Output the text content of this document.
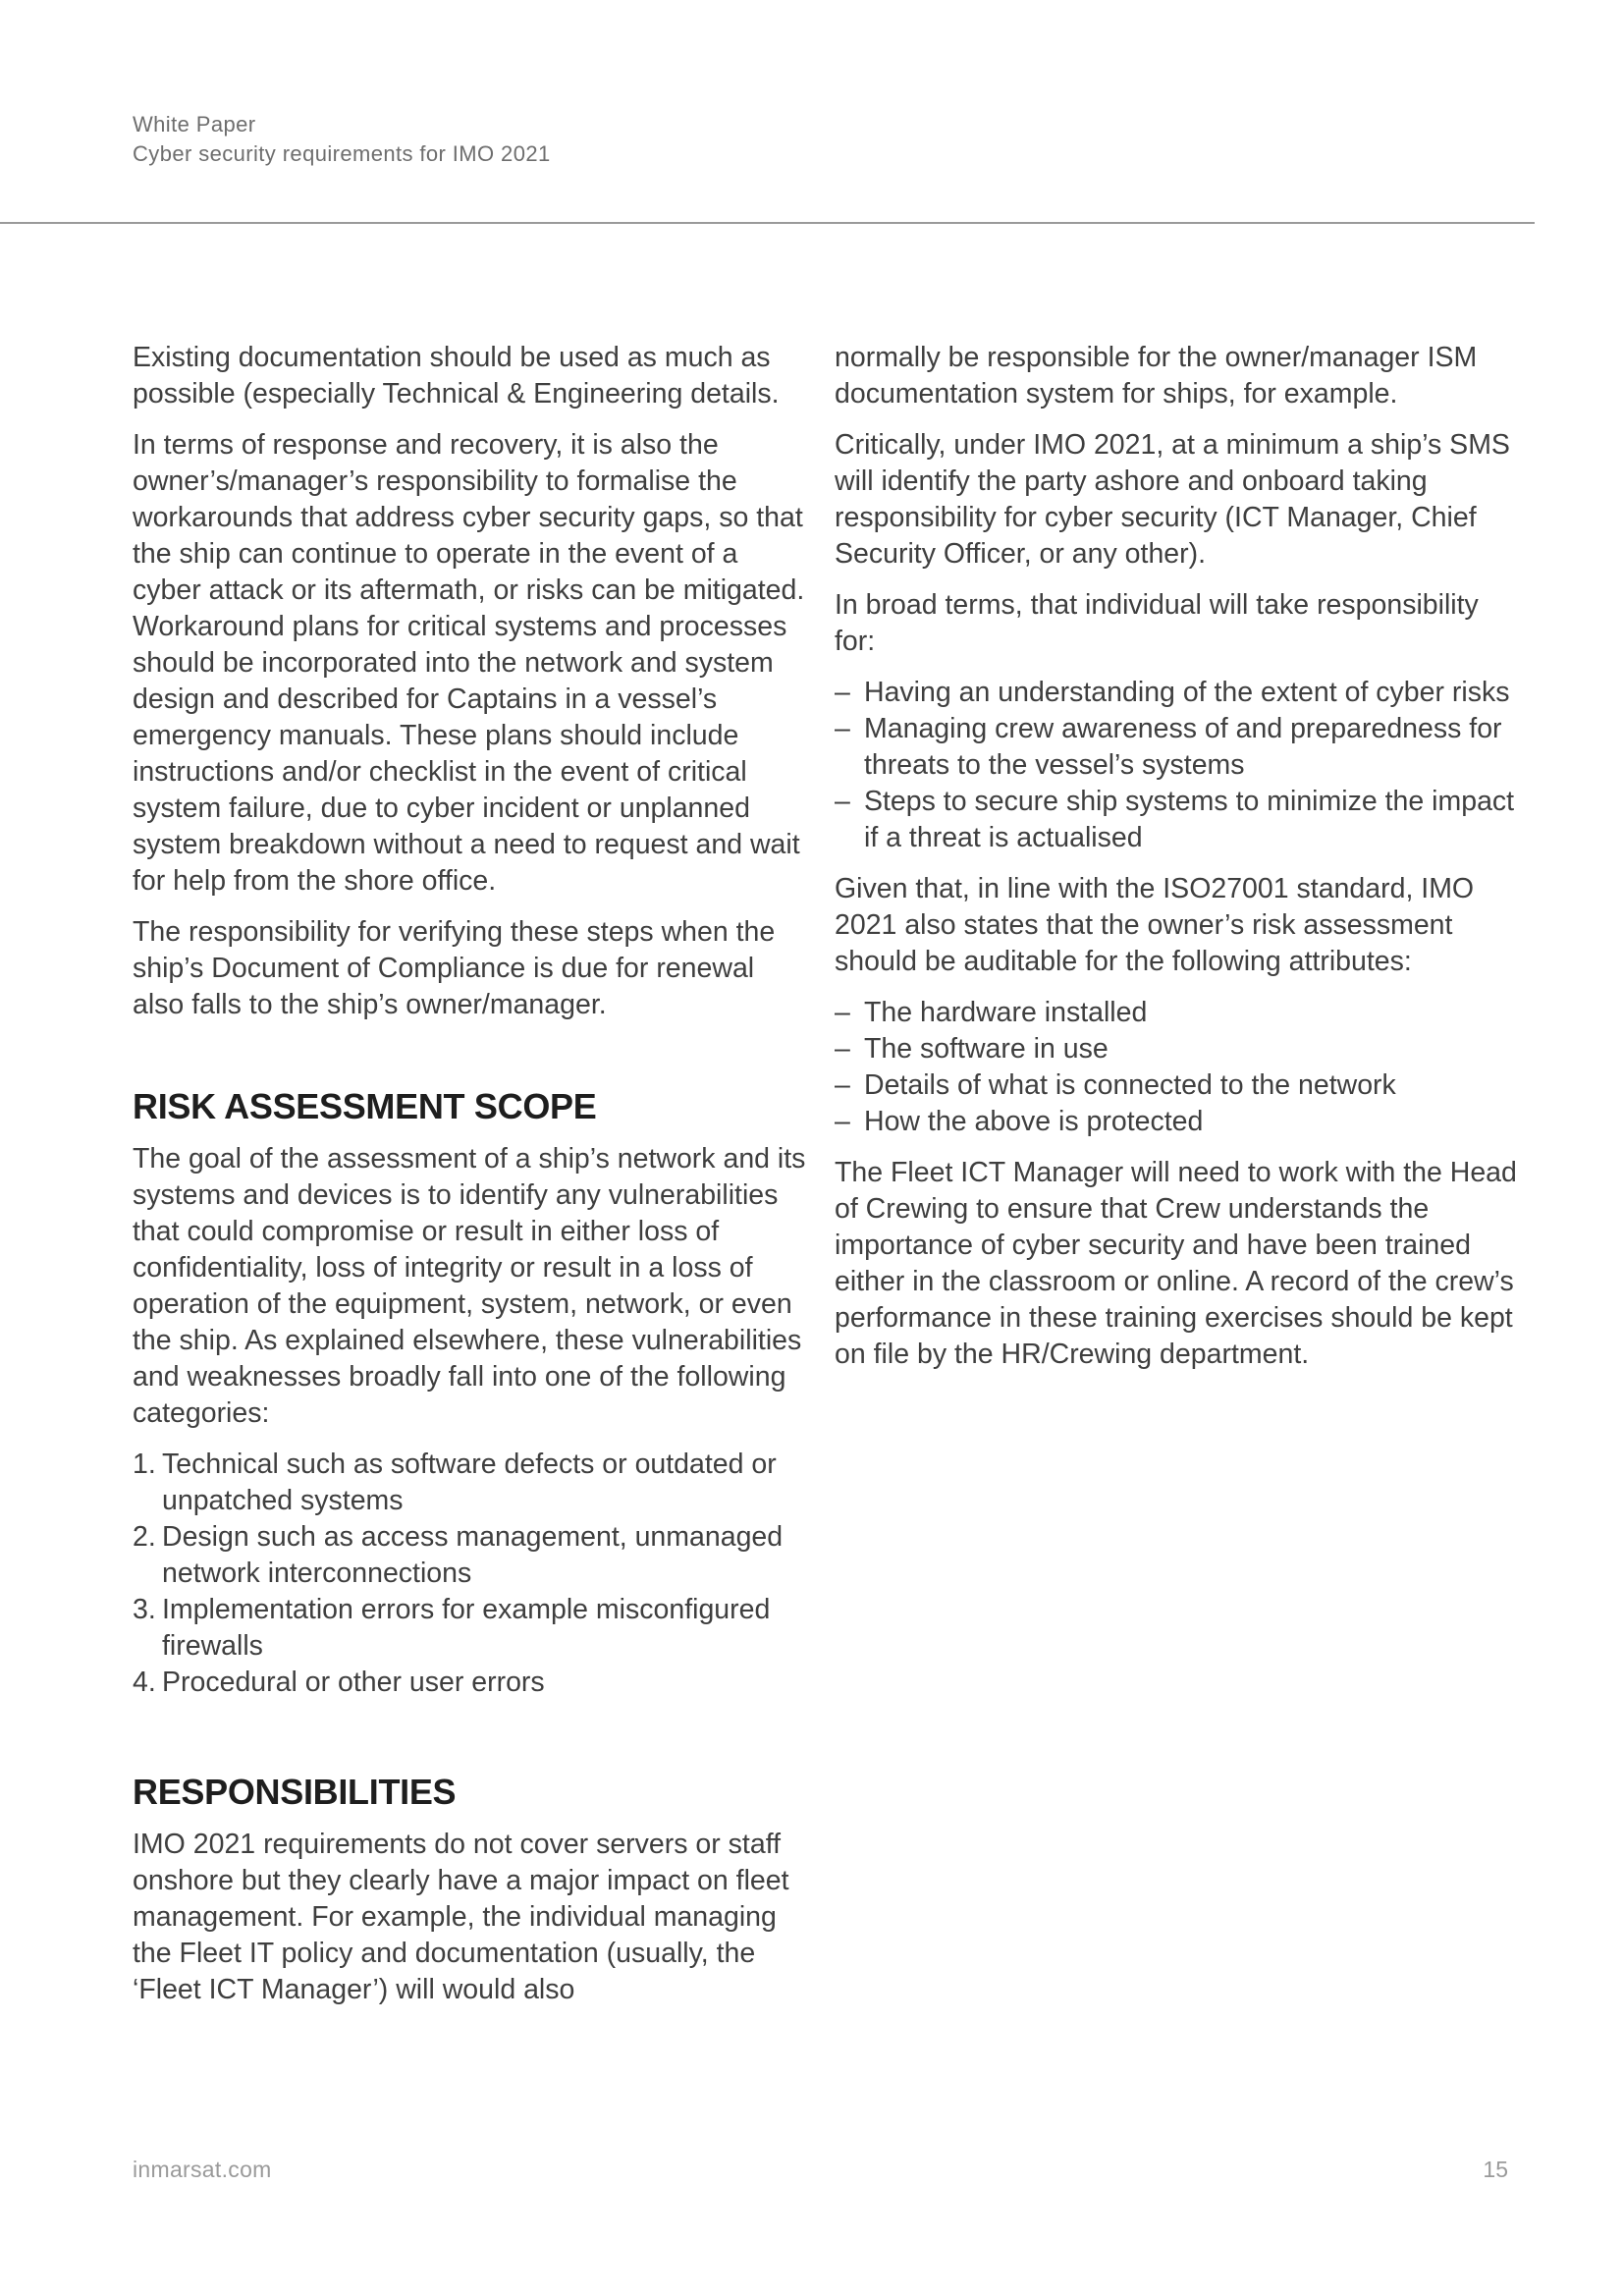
White Paper
Cyber security requirements for IMO 2021

Existing documentation should be used as much as possible (especially Technical & Engineering details.

In terms of response and recovery, it is also the owner’s/manager’s responsibility to formalise the workarounds that address cyber security gaps, so that the ship can continue to operate in the event of a cyber attack or its aftermath, or risks can be mitigated. Workaround plans for critical systems and processes should be incorporated into the network and system design and described for Captains in a vessel’s emergency manuals. These plans should include instructions and/or checklist in the event of critical system failure, due to cyber incident or unplanned system breakdown without a need to request and wait for help from the shore office.

The responsibility for verifying these steps when the ship’s Document of Compliance is due for renewal also falls to the ship’s owner/manager.

RISK ASSESSMENT SCOPE

The goal of the assessment of a ship’s network and its systems and devices is to identify any vulnerabilities that could compromise or result in either loss of confidentiality, loss of integrity or result in a loss of operation of the equipment, system, network, or even the ship. As explained elsewhere, these vulnerabilities and weaknesses broadly fall into one of the following categories:

1. Technical such as software defects or outdated or unpatched systems
2. Design such as access management, unmanaged network interconnections
3. Implementation errors for example misconfigured firewalls
4. Procedural or other user errors
RESPONSIBILITIES

IMO 2021 requirements do not cover servers or staff onshore but they clearly have a major impact on fleet management. For example, the individual managing the Fleet IT policy and documentation (usually, the ‘Fleet ICT Manager’) will would also

normally be responsible for the owner/manager ISM documentation system for ships, for example.

Critically, under IMO 2021, at a minimum a ship’s SMS will identify the party ashore and onboard taking responsibility for cyber security (ICT Manager, Chief Security Officer, or any other).

In broad terms, that individual will take responsibility for:

– Having an understanding of the extent of cyber risks
– Managing crew awareness of and preparedness for threats to the vessel’s systems
– Steps to secure ship systems to minimize the impact if a threat is actualised

Given that, in line with the ISO27001 standard, IMO 2021 also states that the owner’s risk assessment should be auditable for the following attributes:

– The hardware installed
– The software in use
– Details of what is connected to the network
– How the above is protected

The Fleet ICT Manager will need to work with the Head of Crewing to ensure that Crew understands the importance of cyber security and have been trained either in the classroom or online. A record of the crew’s performance in these training exercises should be kept on file by the HR/Crewing department.

inmarsat.com	15
